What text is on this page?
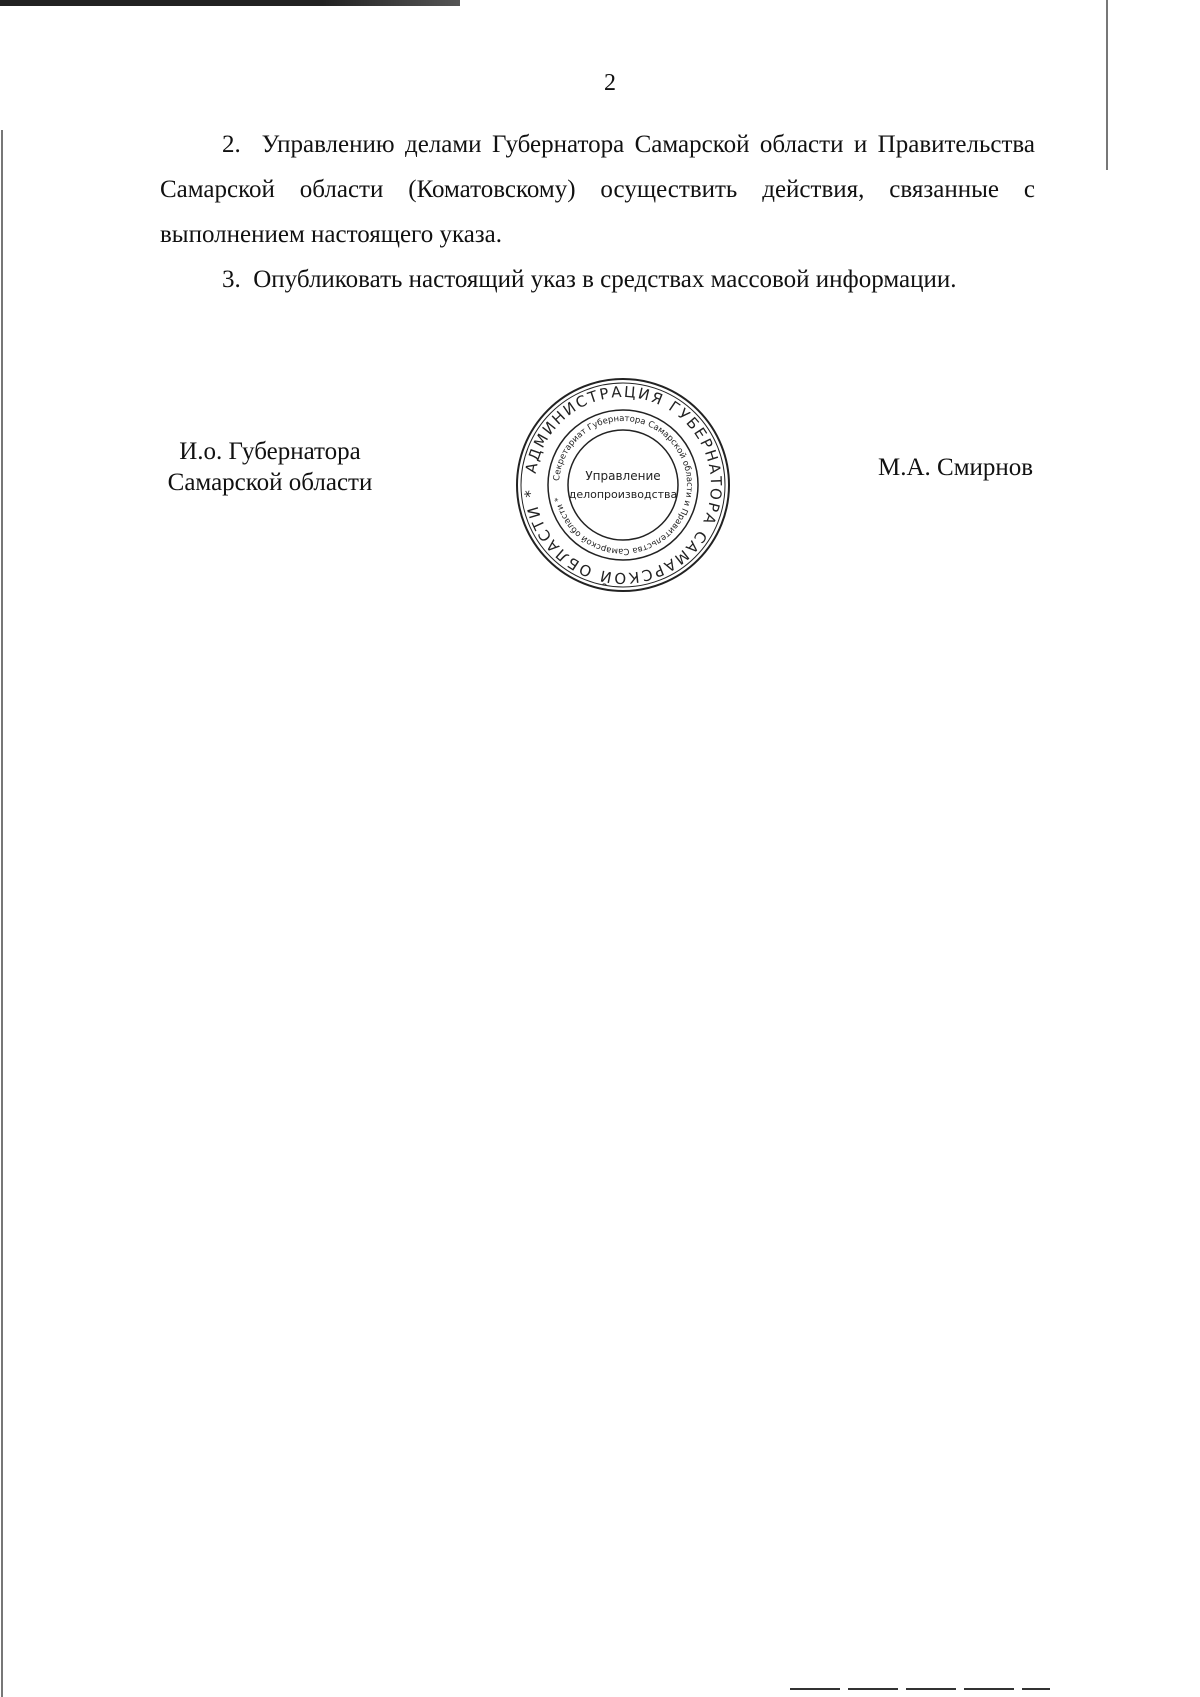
2

2.  Управлению делами Губернатора Самарской области и Правительства Самарской области (Коматовскому) осуществить действия, связанные с выполнением настоящего указа.

3.  Опубликовать настоящий указ в средствах массовой информации.

И.о. Губернатора
Самарской области
АДМИНИСТРАЦИЯ ГУБЕРНАТОРА САМАРСКОЙ ОБЛАСТИ *
Секретариат Губернатора Самарской области и Правительства Самарской области *
Управление
делопроизводства
М.А. Смирнов
